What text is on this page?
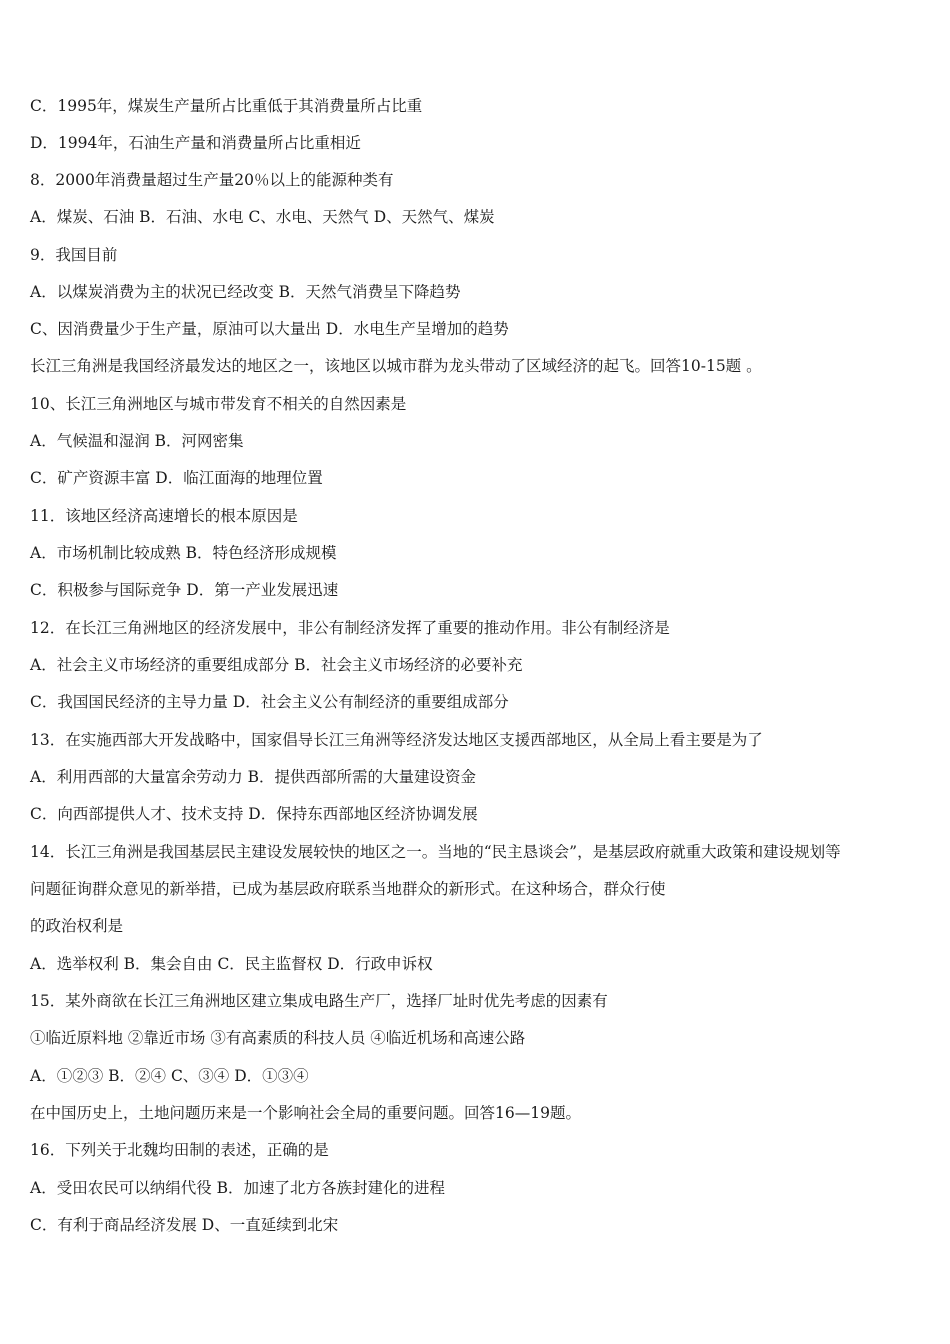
C．1995年，煤炭生产量所占比重低于其消费量所占比重
D．1994年，石油生产量和消费量所占比重相近
8．2000年消费量超过生产量20％以上的能源种类有
A．煤炭、石油 B．石油、水电 C、水电、天然气 D、天然气、煤炭
9．我国目前
A．以煤炭消费为主的状况已经改变 B．天然气消费呈下降趋势
C、因消费量少于生产量，原油可以大量出 D．水电生产呈增加的趋势
长江三角洲是我国经济最发达的地区之一，该地区以城市群为龙头带动了区域经济的起飞。回答10-15题 。
10、长江三角洲地区与城市带发育不相关的自然因素是
A．气候温和湿润 B．河网密集
C．矿产资源丰富 D．临江面海的地理位置
11．该地区经济高速增长的根本原因是
A．市场机制比较成熟 B．特色经济形成规模
C．积极参与国际竞争 D．第一产业发展迅速
12．在长江三角洲地区的经济发展中，非公有制经济发挥了重要的推动作用。非公有制经济是
A．社会主义市场经济的重要组成部分 B．社会主义市场经济的必要补充
C．我国国民经济的主导力量 D．社会主义公有制经济的重要组成部分
13．在实施西部大开发战略中，国家倡导长江三角洲等经济发达地区支援西部地区，从全局上看主要是为了
A．利用西部的大量富余劳动力 B．提供西部所需的大量建设资金
C．向西部提供人才、技术支持 D．保持东西部地区经济协调发展
14．长江三角洲是我国基层民主建设发展较快的地区之一。当地的“民主恳谈会”，是基层政府就重大政策和建设规划等
问题征询群众意见的新举措，已成为基层政府联系当地群众的新形式。在这种场合，群众行使
的政治权利是
A．选举权利 B．集会自由 C．民主监督权 D．行政申诉权
15．某外商欲在长江三角洲地区建立集成电路生产厂，选择厂址时优先考虑的因素有
①临近原料地 ②靠近市场 ③有高素质的科技人员 ④临近机场和高速公路
A．①②③ B．②④ C、③④ D．①③④
在中国历史上，土地问题历来是一个影响社会全局的重要问题。回答16—19题。
16．下列关于北魏均田制的表述，正确的是
A．受田农民可以纳绢代役 B．加速了北方各族封建化的进程
C．有利于商品经济发展 D、一直延续到北宋
